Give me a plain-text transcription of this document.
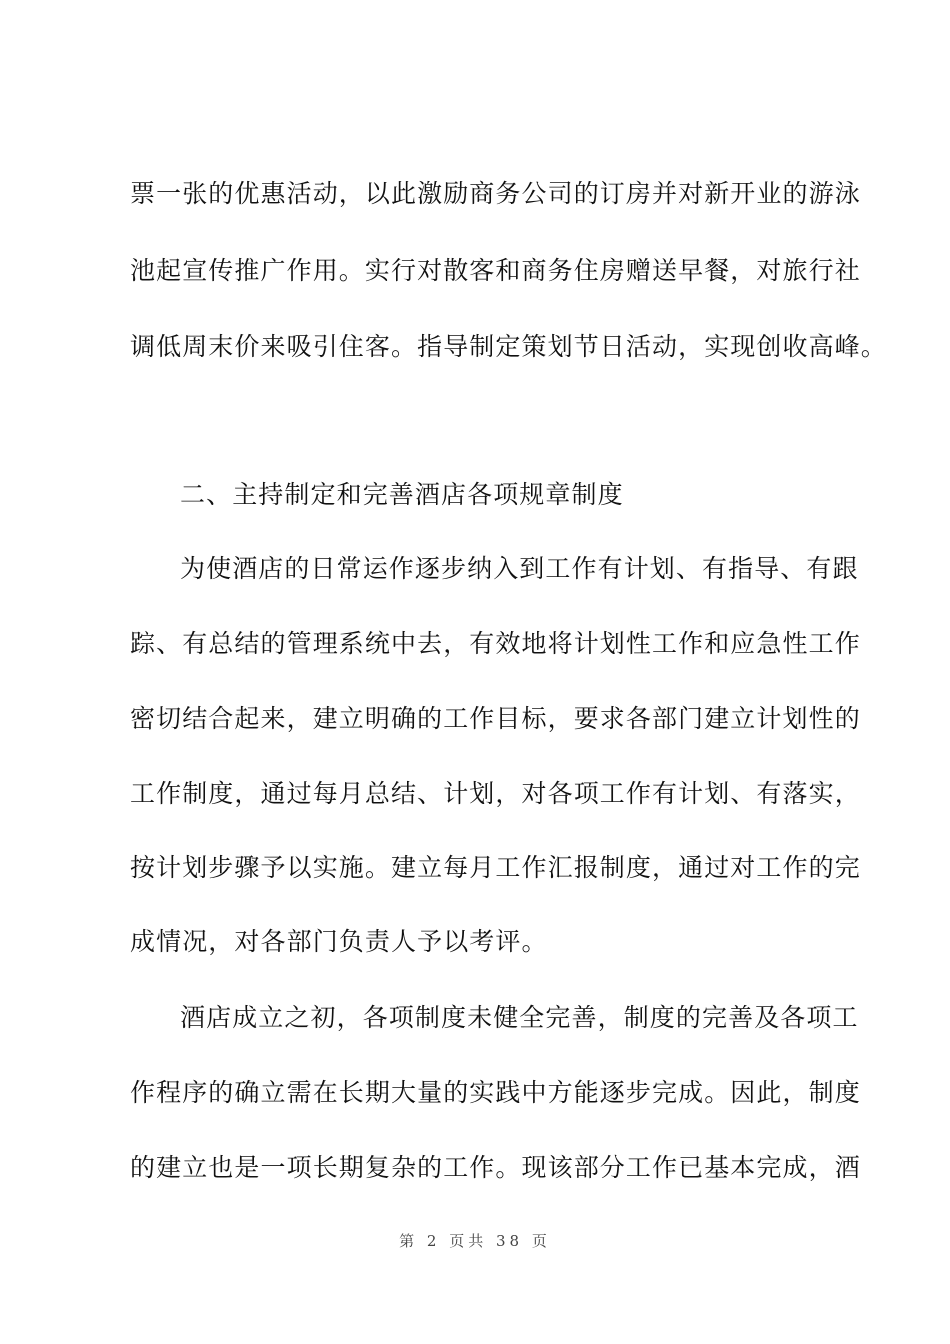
票一张的优惠活动，以此激励商务公司的订房并对新开业的游泳
池起宣传推广作用。实行对散客和商务住房赠送早餐，对旅行社
调低周末价来吸引住客。指导制定策划节日活动，实现创收高峰。
二、主持制定和完善酒店各项规章制度
为使酒店的日常运作逐步纳入到工作有计划、有指导、有跟
踪、有总结的管理系统中去，有效地将计划性工作和应急性工作
密切结合起来，建立明确的工作目标，要求各部门建立计划性的
工作制度，通过每月总结、计划，对各项工作有计划、有落实，
按计划步骤予以实施。建立每月工作汇报制度，通过对工作的完
成情况，对各部门负责人予以考评。
酒店成立之初，各项制度未健全完善，制度的完善及各项工
作程序的确立需在长期大量的实践中方能逐步完成。因此，制度
的建立也是一项长期复杂的工作。现该部分工作已基本完成，酒
第 2 页共 38 页
